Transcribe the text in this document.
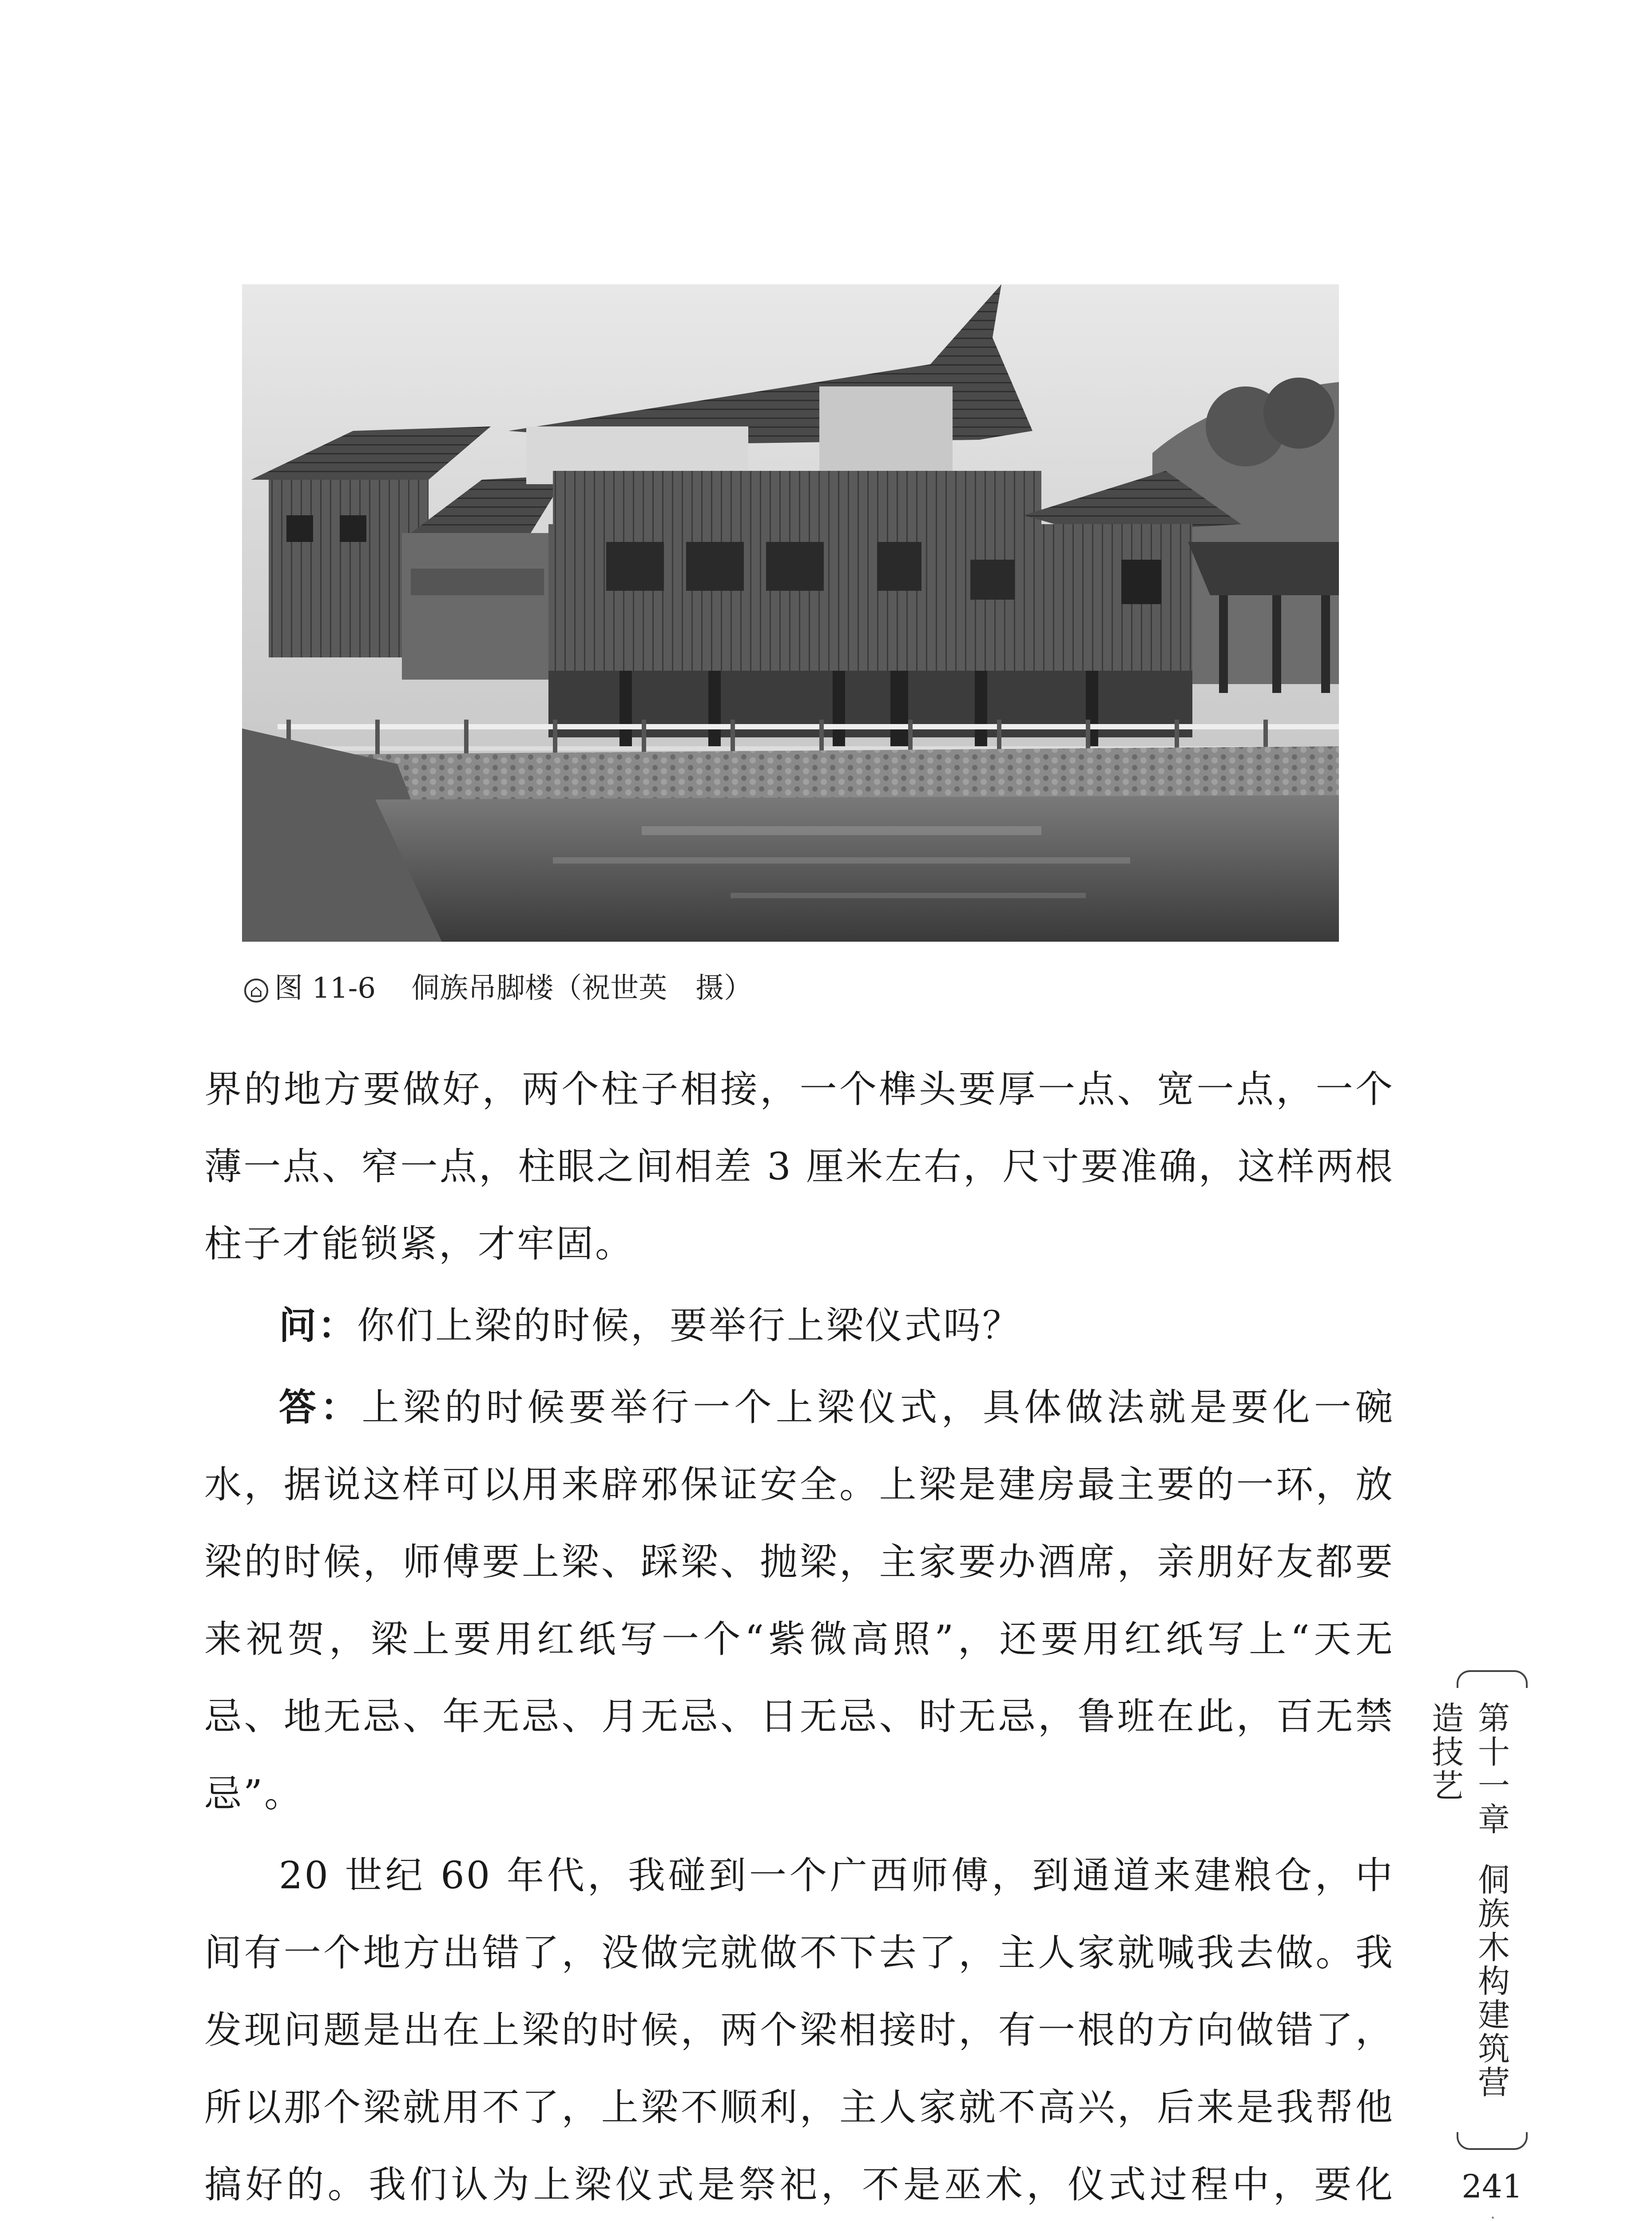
⌂ 图 11-6 侗族吊脚楼（祝世英　摄）

界的地方要做好，两个柱子相接，一个榫头要厚一点、宽一点，一个薄一点、窄一点，柱眼之间相差 3 厘米左右，尺寸要准确，这样两根柱子才能锁紧，才牢固。

问：你们上梁的时候，要举行上梁仪式吗？

答：上梁的时候要举行一个上梁仪式，具体做法就是要化一碗水，据说这样可以用来辟邪保证安全。上梁是建房最主要的一环，放梁的时候，师傅要上梁、踩梁、抛梁，主家要办酒席，亲朋好友都要来祝贺，梁上要用红纸写一个“紫微高照”，还要用红纸写上“天无忌、地无忌、年无忌、月无忌、日无忌、时无忌，鲁班在此，百无禁忌”。

20 世纪 60 年代，我碰到一个广西师傅，到通道来建粮仓，中间有一个地方出错了，没做完就做不下去了，主人家就喊我去做。我发现问题是出在上梁的时候，两个梁相接时，有一根的方向做错了，所以那个梁就用不了，上梁不顺利，主人家就不高兴，后来是我帮他搞好的。我们认为上梁仪式是祭祀，不是巫术，仪式过程中，要化

第十一章侗族木构建筑营造技艺
241
